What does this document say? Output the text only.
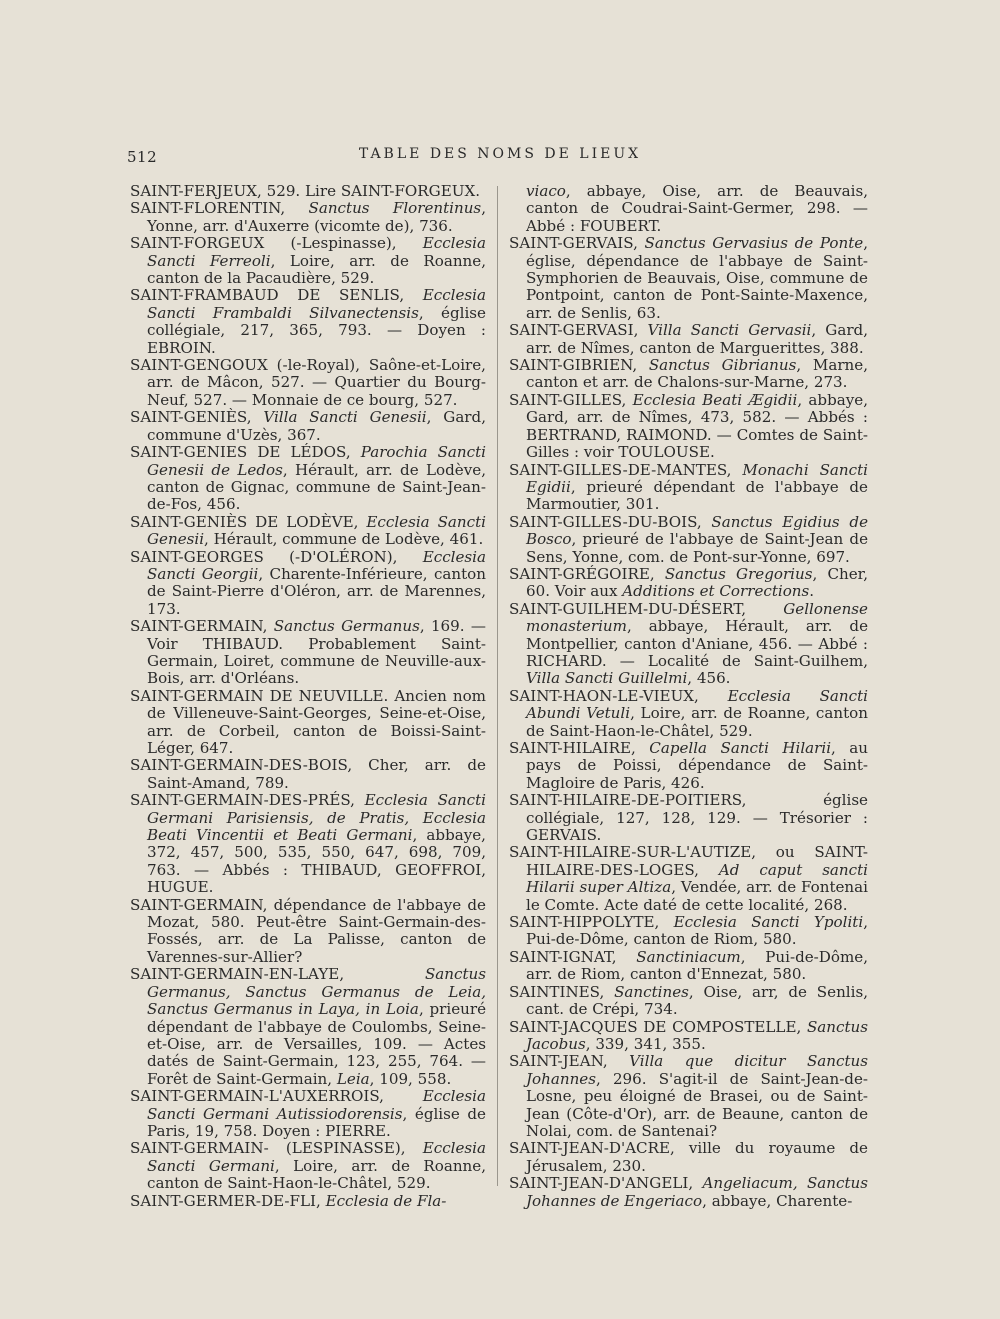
512	TABLE DES NOMS DE LIEUX

SAINT-FERJEUX, 529. Lire SAINT-FORGEUX.

SAINT-FLORENTIN, Sanctus Florentinus, Yonne, arr. d'Auxerre (vicomte de), 736.

SAINT-FORGEUX (-Lespinasse), Ecclesia Sancti Ferreoli, Loire, arr. de Roanne, canton de la Pacaudière, 529.

SAINT-FRAMBAUD DE SENLIS, Ecclesia Sancti Frambaldi Silvanectensis, église collégiale, 217, 365, 793. — Doyen : EBROIN.

SAINT-GENGOUX (-le-Royal), Saône-et-Loire, arr. de Mâcon, 527. — Quartier du Bourg-Neuf, 527. — Monnaie de ce bourg, 527.

SAINT-GENIÈS, Villa Sancti Genesii, Gard, commune d'Uzès, 367.

SAINT-GENIES DE LÉDOS, Parochia Sancti Genesii de Ledos, Hérault, arr. de Lodève, canton de Gignac, commune de Saint-Jean-de-Fos, 456.

SAINT-GENIÈS DE LODÈVE, Ecclesia Sancti Genesii, Hérault, commune de Lodève, 461.

SAINT-GEORGES (-D'OLÉRON), Ecclesia Sancti Georgii, Charente-Inférieure, canton de Saint-Pierre d'Oléron, arr. de Marennes, 173.

SAINT-GERMAIN, Sanctus Germanus, 169. — Voir THIBAUD. Probablement Saint-Germain, Loiret, commune de Neuville-aux-Bois, arr. d'Orléans.

SAINT-GERMAIN DE NEUVILLE. Ancien nom de Villeneuve-Saint-Georges, Seine-et-Oise, arr. de Corbeil, canton de Boissi-Saint-Léger, 647.

SAINT-GERMAIN-DES-BOIS, Cher, arr. de Saint-Amand, 789.

SAINT-GERMAIN-DES-PRÉS, Ecclesia Sancti Germani Parisiensis, de Pratis, Ecclesia Beati Vincentii et Beati Germani, abbaye, 372, 457, 500, 535, 550, 647, 698, 709, 763. — Abbés : THIBAUD, GEOFFROI, HUGUE.

SAINT-GERMAIN, dépendance de l'abbaye de Mozat, 580. Peut-être Saint-Germain-des-Fossés, arr. de La Palisse, canton de Varennes-sur-Allier?

SAINT-GERMAIN-EN-LAYE, Sanctus Germanus, Sanctus Germanus de Leia, Sanctus Germanus in Laya, in Loia, prieuré dépendant de l'abbaye de Coulombs, Seine-et-Oise, arr. de Versailles, 109. — Actes datés de Saint-Germain, 123, 255, 764. — Forêt de Saint-Germain, Leia, 109, 558.

SAINT-GERMAIN-L'AUXERROIS, Ecclesia Sancti Germani Autissiodorensis, église de Paris, 19, 758. Doyen : PIERRE.

SAINT-GERMAIN- (LESPINASSE), Ecclesia Sancti Germani, Loire, arr. de Roanne, canton de Saint-Haon-le-Châtel, 529.

SAINT-GERMER-DE-FLI, Ecclesia de Fla-

viaco, abbaye, Oise, arr. de Beauvais, canton de Coudrai-Saint-Germer, 298. — Abbé : FOUBERT.

SAINT-GERVAIS, Sanctus Gervasius de Ponte, église, dépendance de l'abbaye de Saint-Symphorien de Beauvais, Oise, commune de Pontpoint, canton de Pont-Sainte-Maxence, arr. de Senlis, 63.

SAINT-GERVASI, Villa Sancti Gervasii, Gard, arr. de Nîmes, canton de Marguerittes, 388.

SAINT-GIBRIEN, Sanctus Gibrianus, Marne, canton et arr. de Chalons-sur-Marne, 273.

SAINT-GILLES, Ecclesia Beati Ægidii, abbaye, Gard, arr. de Nîmes, 473, 582. — Abbés : BERTRAND, RAIMOND. — Comtes de Saint-Gilles : voir TOULOUSE.

SAINT-GILLES-DE-MANTES, Monachi Sancti Egidii, prieuré dépendant de l'abbaye de Marmoutier, 301.

SAINT-GILLES-DU-BOIS, Sanctus Egidius de Bosco, prieuré de l'abbaye de Saint-Jean de Sens, Yonne, com. de Pont-sur-Yonne, 697.

SAINT-GRÉGOIRE, Sanctus Gregorius, Cher, 60. Voir aux Additions et Corrections.

SAINT-GUILHEM-DU-DÉSERT, Gellonense monasterium, abbaye, Hérault, arr. de Montpellier, canton d'Aniane, 456. — Abbé : RICHARD. — Localité de Saint-Guilhem, Villa Sancti Guillelmi, 456.

SAINT-HAON-LE-VIEUX, Ecclesia Sancti Abundi Vetuli, Loire, arr. de Roanne, canton de Saint-Haon-le-Châtel, 529.

SAINT-HILAIRE, Capella Sancti Hilarii, au pays de Poissi, dépendance de Saint-Magloire de Paris, 426.

SAINT-HILAIRE-DE-POITIERS, église collégiale, 127, 128, 129. — Trésorier : GERVAIS.

SAINT-HILAIRE-SUR-L'AUTIZE, ou SAINT-HILAIRE-DES-LOGES, Ad caput sancti Hilarii super Altiza, Vendée, arr. de Fontenai le Comte. Acte daté de cette localité, 268.

SAINT-HIPPOLYTE, Ecclesia Sancti Ypoliti, Pui-de-Dôme, canton de Riom, 580.

SAINT-IGNAT, Sanctiniacum, Pui-de-Dôme, arr. de Riom, canton d'Ennezat, 580.

SAINTINES, Sanctines, Oise, arr, de Senlis, cant. de Crépi, 734.

SAINT-JACQUES DE COMPOSTELLE, Sanctus Jacobus, 339, 341, 355.

SAINT-JEAN, Villa que dicitur Sanctus Johannes, 296. S'agit-il de Saint-Jean-de-Losne, peu éloigné de Brasei, ou de Saint-Jean (Côte-d'Or), arr. de Beaune, canton de Nolai, com. de Santenai?

SAINT-JEAN-D'ACRE, ville du royaume de Jérusalem, 230.

SAINT-JEAN-D'ANGELI, Angeliacum, Sanctus Johannes de Engeriaco, abbaye, Charente-
